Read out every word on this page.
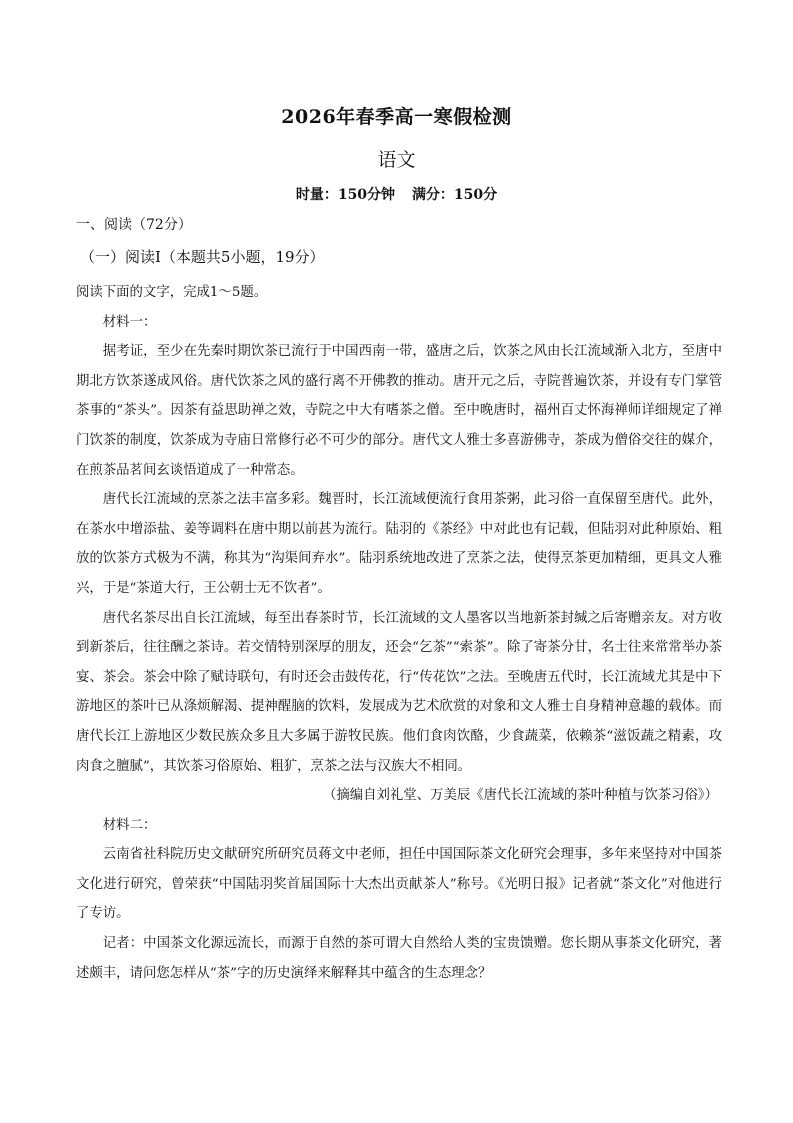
2026年春季高一寒假检测
语文
时量：150分钟 满分：150分
一、阅读（72分）
（一）阅读Ⅰ（本题共5小题，19分）

阅读下面的文字，完成1～5题。

材料一：

据考证，至少在先秦时期饮茶已流行于中国西南一带，盛唐之后，饮茶之风由长江流域渐入北方，至唐中期北方饮茶遂成风俗。唐代饮茶之风的盛行离不开佛教的推动。唐开元之后，寺院普遍饮茶，并设有专门掌管茶事的“茶头”。因茶有益思助禅之效，寺院之中大有嗜茶之僧。至中晚唐时，福州百丈怀海禅师详细规定了禅门饮茶的制度，饮茶成为寺庙日常修行必不可少的部分。唐代文人雅士多喜游佛寺，茶成为僧俗交往的媒介，在煎茶品茗间玄谈悟道成了一种常态。

唐代长江流域的烹茶之法丰富多彩。魏晋时，长江流域便流行食用茶粥，此习俗一直保留至唐代。此外，在茶水中增添盐、姜等调料在唐中期以前甚为流行。陆羽的《茶经》中对此也有记载，但陆羽对此种原始、粗放的饮茶方式极为不满，称其为“沟渠间弃水”。陆羽系统地改进了烹茶之法，使得烹茶更加精细，更具文人雅兴，于是“茶道大行，王公朝士无不饮者”。

唐代名茶尽出自长江流域，每至出春茶时节，长江流域的文人墨客以当地新茶封缄之后寄赠亲友。对方收到新茶后，往往酬之茶诗。若交情特别深厚的朋友，还会“乞茶”“索茶”。除了寄茶分甘，名士往来常常举办茶宴、茶会。茶会中除了赋诗联句，有时还会击鼓传花，行“传花饮”之法。至晚唐五代时，长江流域尤其是中下游地区的茶叶已从涤烦解渴、提神醒脑的饮料，发展成为艺术欣赏的对象和文人雅士自身精神意趣的载体。而唐代长江上游地区少数民族众多且大多属于游牧民族。他们食肉饮酪，少食蔬菜，依赖茶“滋饭蔬之精素，攻肉食之膻腻”，其饮茶习俗原始、粗犷，烹茶之法与汉族大不相同。

（摘编自刘礼堂、万美辰《唐代长江流域的茶叶种植与饮茶习俗》）

材料二：

云南省社科院历史文献研究所研究员蒋文中老师，担任中国国际茶文化研究会理事，多年来坚持对中国茶文化进行研究，曾荣获“中国陆羽奖首届国际十大杰出贡献茶人”称号。《光明日报》记者就“茶文化”对他进行了专访。

记者：中国茶文化源远流长，而源于自然的茶可谓大自然给人类的宝贵馈赠。您长期从事茶文化研究，著述颇丰，请问您怎样从“茶”字的历史演绎来解释其中蕴含的生态理念？
